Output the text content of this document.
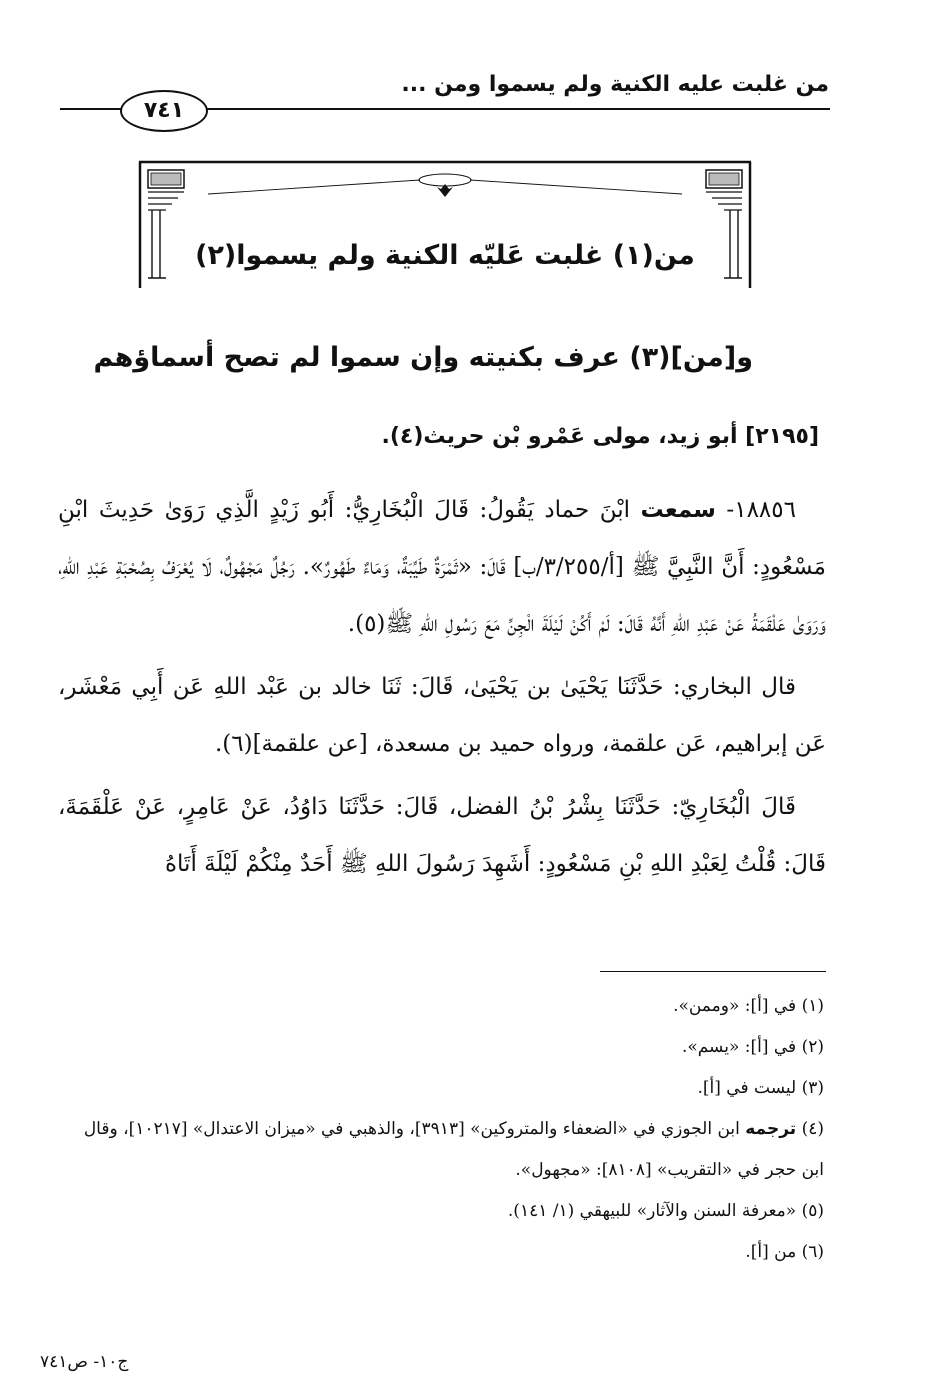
من غلبت عليه الكنية ولم يسموا ومن ...
٧٤١
من(١) غلبت عَليّه الكنية ولم يسموا(٢)
و[من](٣) عرف بكنيته وإن سموا لم تصح أسماؤهم
[٢١٩٥] أبو زيد، مولى عَمْرو بْن حريث(٤).

١٨٨٥٦- سمعت ابْنَ حماد يَقُولُ: قَالَ الْبُخَارِيُّ: أَبُو زَيْدٍ الَّذِي رَوَىٰ حَدِيثَ ابْنِ مَسْعُودٍ: أَنَّ النَّبِيَّ ﷺ [أ/٣/٢٥٥/ب] قَالَ: «ثَمْرَةٌ طَيِّبَةٌ، وَمَاءٌ طَهُورٌ». رَجُلٌ مَجْهُولٌ، لَا يُعْرَفُ بِصُحْبَةِ عَبْدِ اللهِ، وَرَوَىٰ عَلْقَمَةُ عَنْ عَبْدِ اللهِ أَنَّهُ قَالَ: لَمْ أَكُنْ لَيْلَةَ الْجِنِّ مَعَ رَسُولِ اللهِ ﷺ(٥).

قال البخاري: حَدَّثَنَا يَحْيَىٰ بن يَحْيَىٰ، قَالَ: ثَنَا خالد بن عَبْد اللهِ عَن أَبِي مَعْشَر، عَن إبراهيم، عَن علقمة، ورواه حميد بن مسعدة، [عن علقمة](٦).

قَالَ الْبُخَارِيّ: حَدَّثَنَا بِشْرُ بْنُ الفضل، قَالَ: حَدَّثَنَا دَاوُدُ، عَنْ عَامِرٍ، عَنْ عَلْقَمَةَ، قَالَ: قُلْتُ لِعَبْدِ اللهِ بْنِ مَسْعُودٍ: أَشَهِدَ رَسُولَ اللهِ ﷺ أَحَدٌ مِنْكُمْ لَيْلَةَ أَتَاهُ

(١) في [أ]: «وممن».

(٢) في [أ]: «يسم».

(٣) ليست في [أ].

(٤) ترجمه ابن الجوزي في «الضعفاء والمتروكين» [٣٩١٣]، والذهبي في «ميزان الاعتدال» [١٠٢١٧]، وقال ابن حجر في «التقريب» [٨١٠٨]: «مجهول».

(٥) «معرفة السنن والآثار» للبيهقي (١/ ١٤١).

(٦) من [أ].

ج١٠- ص٧٤١
